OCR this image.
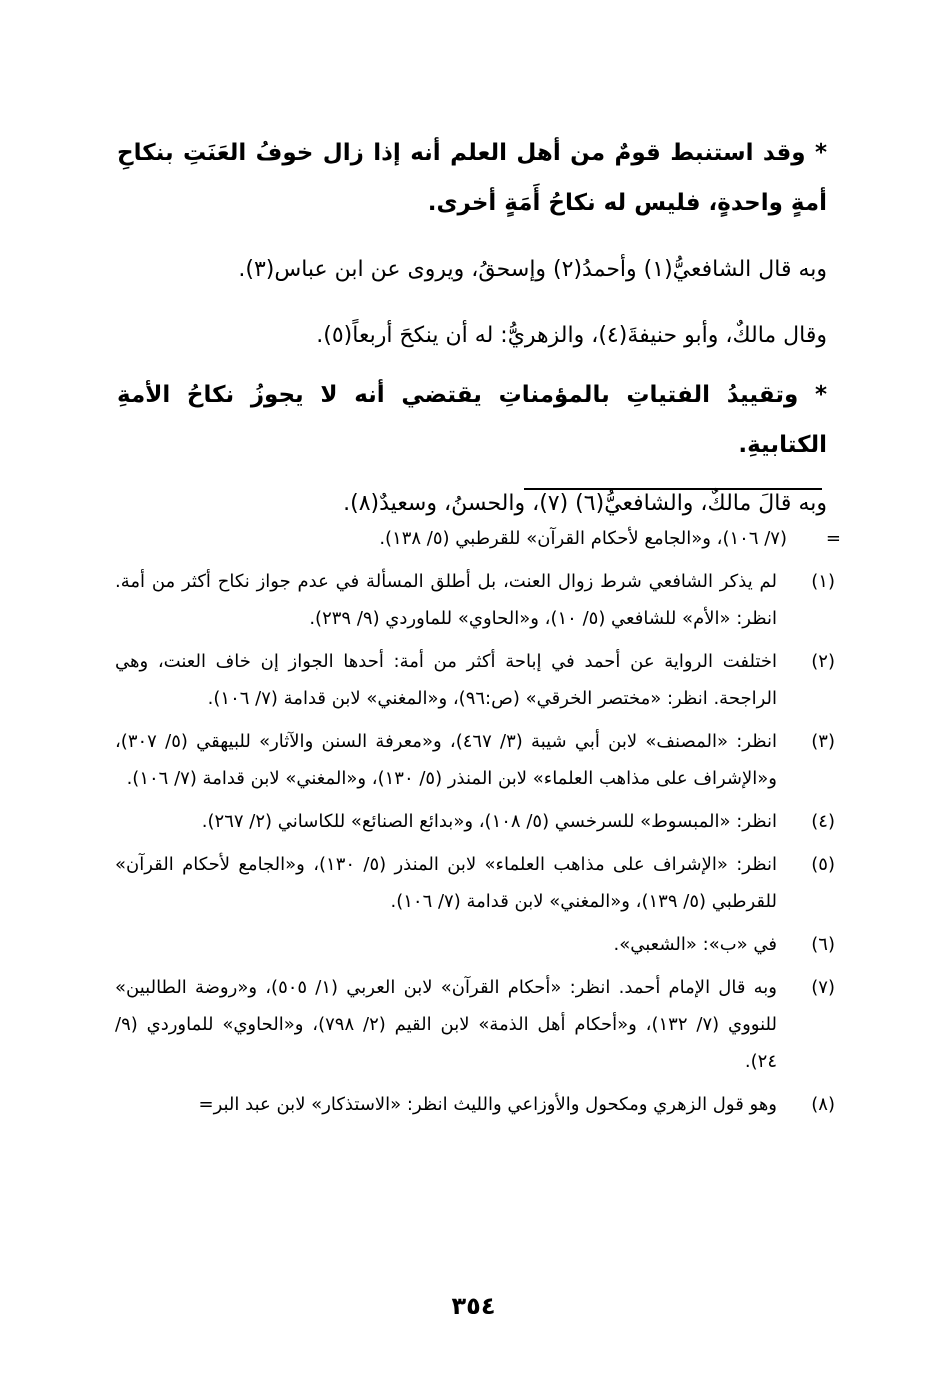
* وقد استنبط قومٌ من أهل العلم أنه إذا زال خوفُ العَنَتِ بنكاحِ أمةٍ واحدةٍ، فليس له نكاحُ أَمَةٍ أخرى.
وبه قال الشافعيُّ(١) وأحمدُ(٢) وإسحقُ، ويروى عن ابن عباس(٣).
وقال مالكٌ، وأبو حنيفةَ(٤)، والزهريُّ: له أن ينكحَ أربعاً(٥).
* وتقييدُ الفتياتِ بالمؤمناتِ يقتضي أنه لا يجوزُ نكاحُ الأمةِ الكتابيةِ.
وبه قالَ مالكٌ، والشافعيُّ(٦) (٧)، والحسنُ، وسعيدٌ(٨).
=
(٧/ ١٠٦)، و«الجامع لأحكام القرآن» للقرطبي (٥/ ١٣٨).
(١)
لم يذكر الشافعي شرط زوال العنت، بل أطلق المسألة في عدم جواز نكاح أكثر من أمة. انظر: «الأم» للشافعي (٥/ ١٠)، و«الحاوي» للماوردي (٩/ ٢٣٩).
(٢)
اختلفت الرواية عن أحمد في إباحة أكثر من أمة: أحدها الجواز إن خاف العنت، وهي الراجحة. انظر: «مختصر الخرقي» (ص:٩٦)، و«المغني» لابن قدامة (٧/ ١٠٦).
(٣)
انظر: «المصنف» لابن أبي شيبة (٣/ ٤٦٧)، و«معرفة السنن والآثار» للبيهقي (٥/ ٣٠٧)، و«الإشراف على مذاهب العلماء» لابن المنذر (٥/ ١٣٠)، و«المغني» لابن قدامة (٧/ ١٠٦).
(٤)
انظر: «المبسوط» للسرخسي (٥/ ١٠٨)، و«بدائع الصنائع» للكاساني (٢/ ٢٦٧).
(٥)
انظر: «الإشراف على مذاهب العلماء» لابن المنذر (٥/ ١٣٠)، و«الجامع لأحكام القرآن» للقرطبي (٥/ ١٣٩)، و«المغني» لابن قدامة (٧/ ١٠٦).
(٦)
في «ب»: «الشعبي».
(٧)
وبه قال الإمام أحمد. انظر: «أحكام القرآن» لابن العربي (١/ ٥٠٥)، و«روضة الطالبين» للنووي (٧/ ١٣٢)، و«أحكام أهل الذمة» لابن القيم (٢/ ٧٩٨)، و«الحاوي» للماوردي (٩/ ٢٤).
(٨)
وهو قول الزهري ومكحول والأوزاعي والليث انظر: «الاستذكار» لابن عبد البر=
٣٥٤
